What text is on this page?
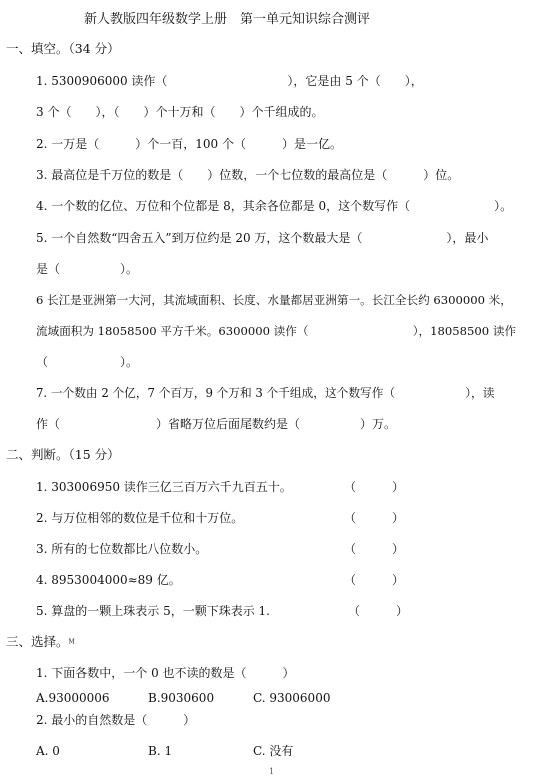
新人教版四年级数学上册　第一单元知识综合测评
一、填空。（34 分）
1. 5300906000 读作（　　　　　　　　　　），它是由 5 个（　　），
3 个（　　），（　　）个十万和（　　）个千组成的。
2. 一万是（　　　）个一百，100 个（　　　）是一亿。
3. 最高位是千万位的数是（　　）位数，一个七位数的最高位是（　　　）位。
4. 一个数的亿位、万位和个位都是 8，其余各位都是 0，这个数写作（　　　　　　　）。
5. 一个自然数“四舍五入”到万位约是 20 万，这个数最大是（　　　　　　　），最小
是（　　　　　）。
6 长江是亚洲第一大河，其流域面积、长度、水量都居亚洲第一。长江全长约 6300000 米，
流域面积为 18058500 平方千米。6300000 读作（　　　　　　　　　），18058500 读作
（　　　　　　）。
7. 一个数由 2 个亿，7 个百万，9 个万和 3 个千组成，这个数写作（　　　　　　），读
作（　　　　　　　　）省略万位后面尾数约是（　　　　　）万。
二、判断。（15 分）
1. 303006950 读作三亿三百万六千九百五十。	（　　　）
2. 与万位相邻的数位是千位和十万位。	（　　　）
3. 所有的七位数都比八位数小。	（　　　）
4. 8953004000≈89 亿。	（　　　）
5. 算盘的一颗上珠表示 5，一颗下珠表示 1.	（　　　）
三、选择。Ⅿ
1. 下面各数中，一个 0 也不读的数是（　　　）
A.93000006	B.9030600	C. 93006000
2. 最小的自然数是（　　　）
A. 0	B. 1	C. 没有
1
